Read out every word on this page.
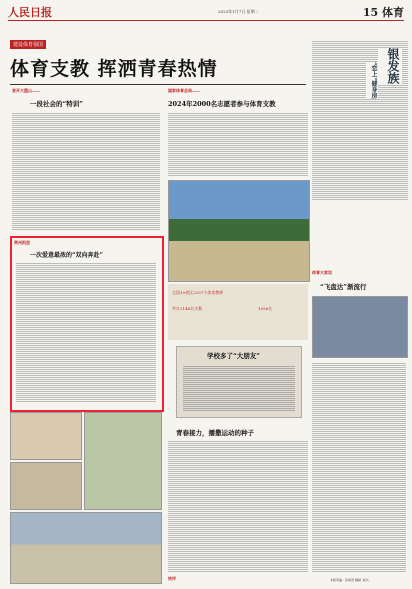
人民日报	2025年1月7日 星期二	15 体育
建设体育强国
体育支教 挥洒青春热情
首开大篮山——
一段社会的“特训”
国家体育总局——
2024年2000名志愿者参与体育支教
全国10省区2297个体育教师
共计2146名支教	1056名
学校多了“大朋友”
贵州凯里
一次爱意最浓的“双向奔赴”
青春接力，播撒运动的种子
快评
银发族
“恋上”健身房
体育大家谈
“飞盘达”渐流行
本版责编：孙海涛 魏赫 ·版式·
